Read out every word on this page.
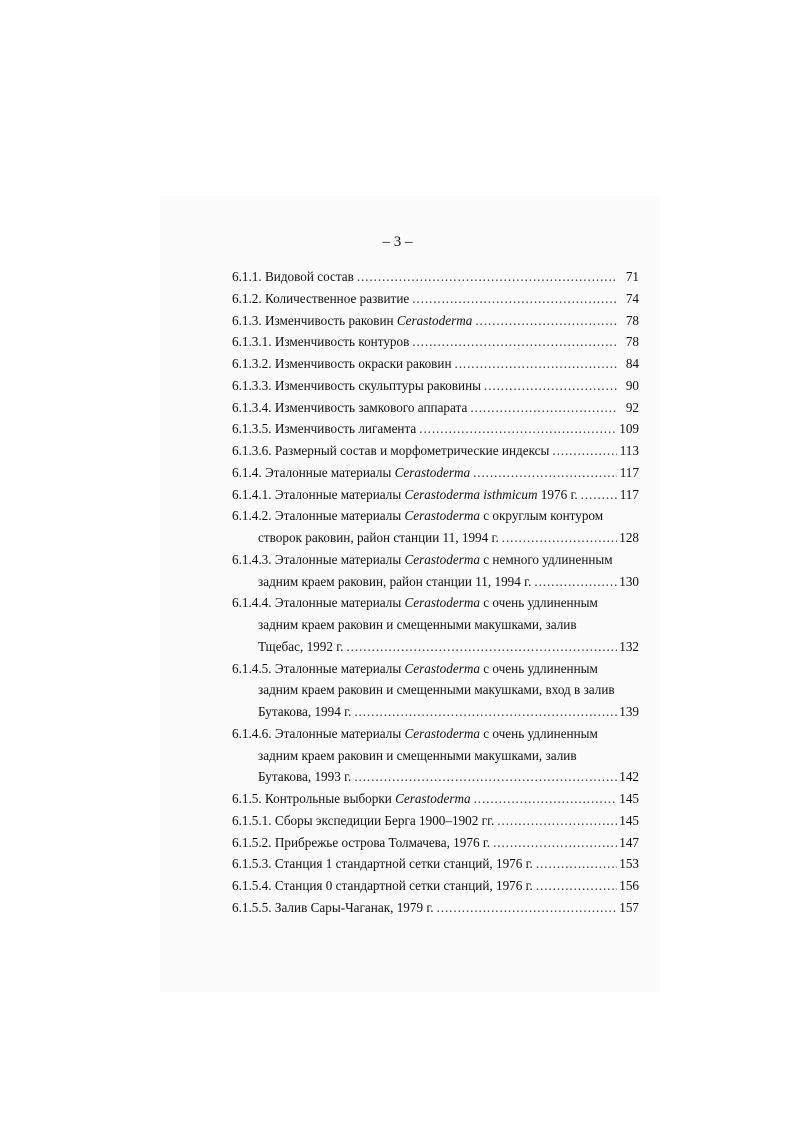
– 3 –
6.1.1. Видовой состав . . .	71
6.1.2. Количественное развитие . . .	74
6.1.3. Изменчивость раковин Cerastoderma . . .	78
6.1.3.1. Изменчивость контуров . . .	78
6.1.3.2. Изменчивость окраски раковин . . .	84
6.1.3.3. Изменчивость скульптуры раковины . . .	90
6.1.3.4. Изменчивость замкового аппарата . . .	92
6.1.3.5. Изменчивость лигамента . . .	109
6.1.3.6. Размерный состав и морфометрические индексы . . .	113
6.1.4. Эталонные материалы Cerastoderma . . .	117
6.1.4.1. Эталонные материалы Cerastoderma isthmicum 1976 г. . . .	117
6.1.4.2. Эталонные материалы Cerastoderma с округлым контуром
створок раковин, район станции 11, 1994 г. . . .	128
6.1.4.3. Эталонные материалы Cerastoderma с немного удлиненным
задним краем раковин, район станции 11, 1994 г. . . .	130
6.1.4.4. Эталонные материалы Cerastoderma с очень удлиненным
задним краем раковин и смещенными макушками, залив
Тщебас, 1992 г. . . .	132
6.1.4.5. Эталонные материалы Cerastoderma с очень удлиненным
задним краем раковин и смещенными макушками, вход в залив
Бутакова, 1994 г. . . .	139
6.1.4.6. Эталонные материалы Cerastoderma с очень удлиненным
задним краем раковин и смещенными макушками, залив
Бутакова, 1993 г. . . .	142
6.1.5. Контрольные выборки Cerastoderma . . .	145
6.1.5.1. Сборы экспедиции Берга 1900–1902 гг. . . .	145
6.1.5.2. Прибрежье острова Толмачева, 1976 г. . . .	147
6.1.5.3. Станция 1 стандартной сетки станций, 1976 г. . . .	153
6.1.5.4. Станция 0 стандартной сетки станций, 1976 г. . . .	156
6.1.5.5. Залив Сары-Чаганак, 1979 г. . . .	157
